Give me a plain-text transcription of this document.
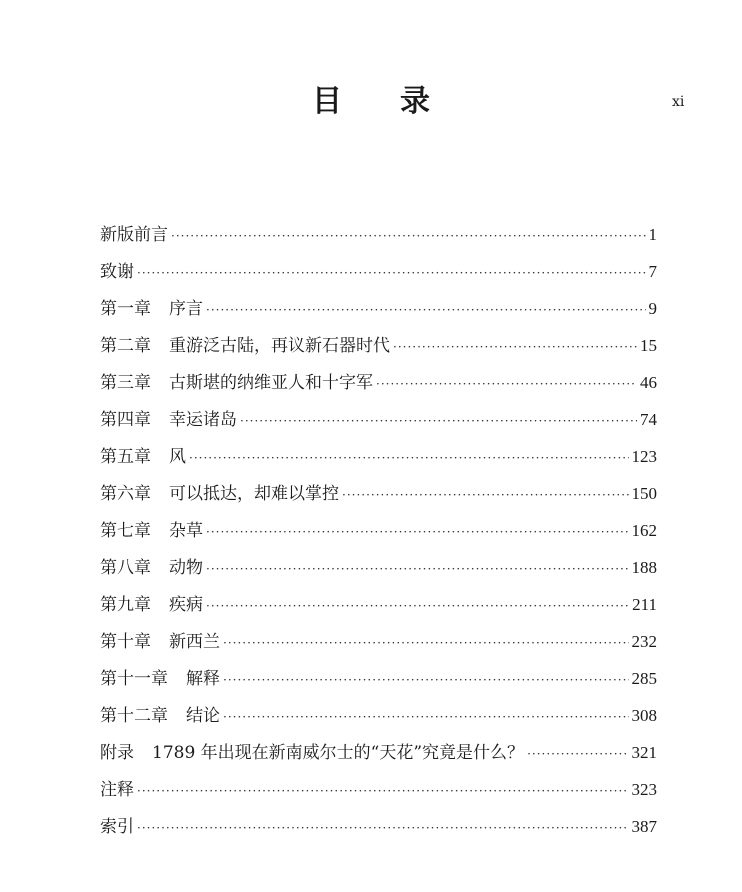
目录	xi
新版前言 ·····	1
致谢 ·····	7
第一章 序言 ·····	9
第二章 重游泛古陆，再议新石器时代 ·····	15
第三章 古斯堪的纳维亚人和十字军 ·····	46
第四章 幸运诸岛 ·····	74
第五章 风 ·····	123
第六章 可以抵达，却难以掌控 ·····	150
第七章 杂草 ·····	162
第八章 动物 ·····	188
第九章 疾病 ·····	211
第十章 新西兰 ·····	232
第十一章 解释 ·····	285
第十二章 结论 ·····	308
附录 1789 年出现在新南威尔士的“天花”究竟是什么？ ·····	321
注释 ·····	323
索引 ·····	387
